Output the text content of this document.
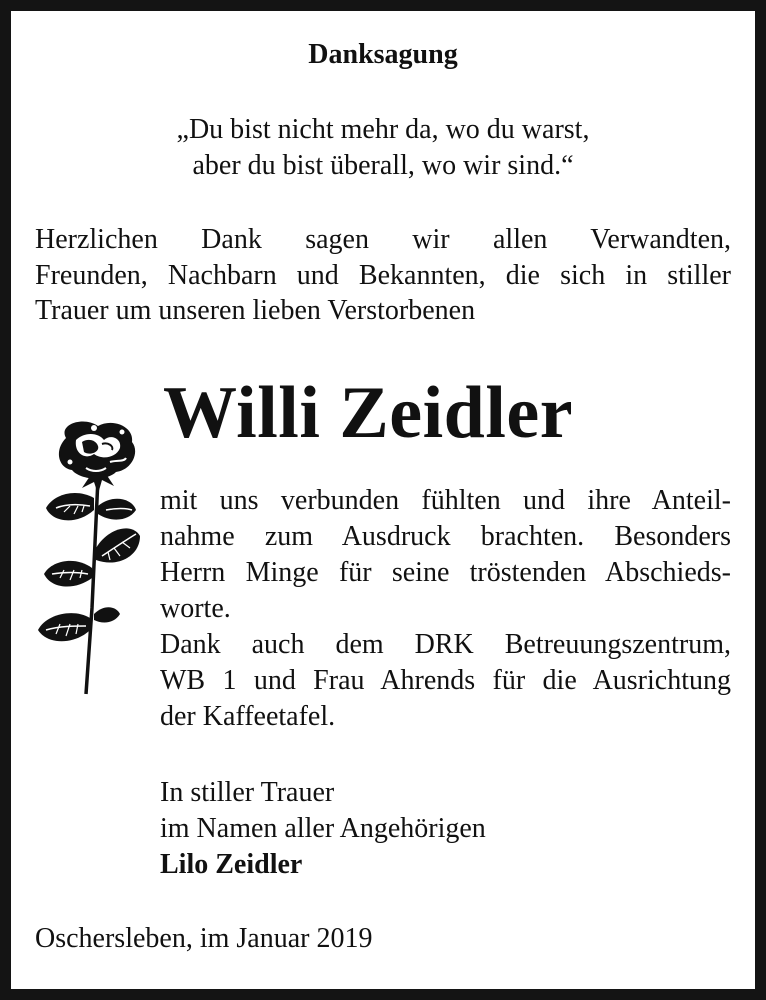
Danksagung
„Du bist nicht mehr da, wo du warst,
aber du bist überall, wo wir sind.“
Herzlichen Dank sagen wir allen Verwandten,
Freunden, Nachbarn und Bekannten, die sich in stiller
Trauer um unseren lieben Verstorbenen
Willi Zeidler
mit uns verbunden fühlten und ihre Anteil-
nahme zum Ausdruck brachten. Besonders
Herrn Minge für seine tröstenden Abschieds-
worte.
Dank auch dem DRK Betreuungszentrum,
WB 1 und Frau Ahrends für die Ausrichtung
der Kaffeetafel.
In stiller Trauer
im Namen aller Angehörigen
Lilo Zeidler
Oschersleben, im Januar 2019
